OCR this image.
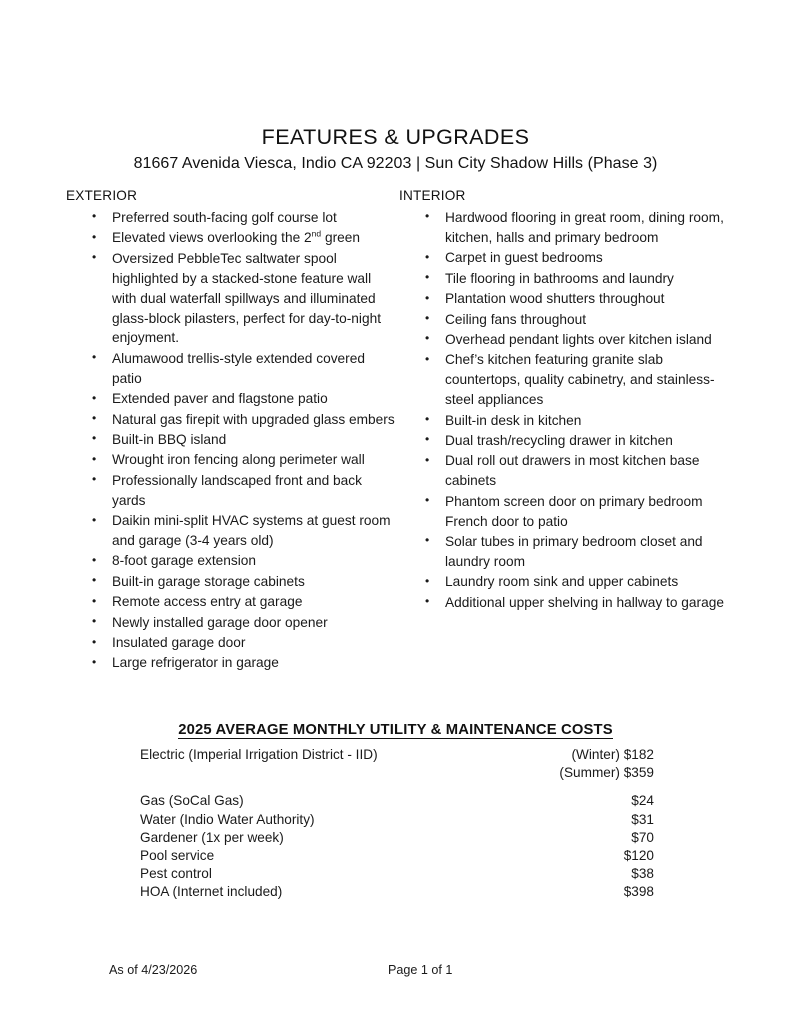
FEATURES & UPGRADES
81667 Avenida Viesca, Indio CA 92203 | Sun City Shadow Hills (Phase 3)
EXTERIOR
• Preferred south-facing golf course lot
• Elevated views overlooking the 2nd green
• Oversized PebbleTec saltwater spool highlighted by a stacked-stone feature wall with dual waterfall spillways and illuminated glass-block pilasters, perfect for day-to-night enjoyment.
• Alumawood trellis-style extended covered patio
• Extended paver and flagstone patio
• Natural gas firepit with upgraded glass embers
• Built-in BBQ island
• Wrought iron fencing along perimeter wall
• Professionally landscaped front and back yards
• Daikin mini-split HVAC systems at guest room and garage (3-4 years old)
• 8-foot garage extension
• Built-in garage storage cabinets
• Remote access entry at garage
• Newly installed garage door opener
• Insulated garage door
• Large refrigerator in garage
INTERIOR
• Hardwood flooring in great room, dining room, kitchen, halls and primary bedroom
• Carpet in guest bedrooms
• Tile flooring in bathrooms and laundry
• Plantation wood shutters throughout
• Ceiling fans throughout
• Overhead pendant lights over kitchen island
• Chef’s kitchen featuring granite slab countertops, quality cabinetry, and stainless-steel appliances
• Built-in desk in kitchen
• Dual trash/recycling drawer in kitchen
• Dual roll out drawers in most kitchen base cabinets
• Phantom screen door on primary bedroom French door to patio
• Solar tubes in primary bedroom closet and laundry room
• Laundry room sink and upper cabinets
• Additional upper shelving in hallway to garage
2025 AVERAGE MONTHLY UTILITY & MAINTENANCE COSTS
Electric (Imperial Irrigation District - IID)	(Winter) $182
	(Summer) $359

Gas (SoCal Gas)	$24
Water (Indio Water Authority)	$31
Gardener (1x per week)	$70
Pool service	$120
Pest control	$38
HOA (Internet included)	$398
As of 4/23/2026	Page 1 of 1
